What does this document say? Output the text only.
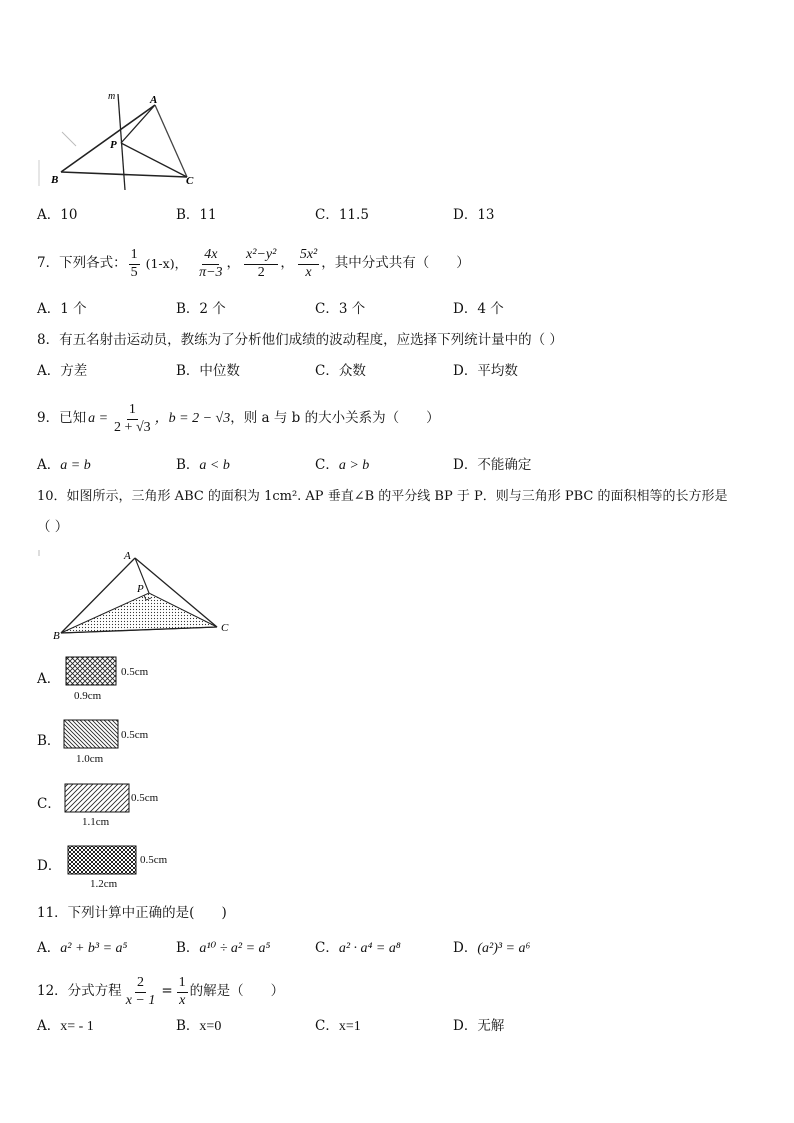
m	A
P
B	C
A．10	B．11	C．11.5	D．13
7．下列各式： $\frac{1}{5} (1-x)$， $\frac{4x}{\pi-3}$ ， $\frac{\text{x²−y²}}{2}$ ， $\frac{\text{5x²}}{x}$ ，其中分式共有（　　）
A．1 个	B．2 个	C．3 个	D．4 个
8．有五名射击运动员，教练为了分析他们成绩的波动程度，应选择下列统计量中的（ ）
A．方差	B．中位数	C．众数	D．平均数
9．已知 $a = \frac{1}{2 + √3}$ ，b = 2 − √3 ，则 a 与 b 的大小关系为（　　）
A．a = b	B．a < b	C．a > b	D．不能确定
10．如图所示，三角形 ABC 的面积为 1cm². AP 垂直∠B 的平分线 BP 于 P．则与三角形 PBC 的面积相等的长方形是
（ ）
A
P
B
C
A．	0.5cm
0.9cm
B．	0.5cm
1.0cm
C．	0.5cm
1.1cm
D．	0.5cm
1.2cm
11．下列计算中正确的是(　　)
A．a² + b³ = a⁵	B．a¹⁰ ÷ a² = a⁵	C．a² · a⁴ = a⁸	D．(a²)³ = a⁶
12．分式方程 $\frac{2}{x - 1} = \frac{1}{x}$ 的解是（　　）
A．x= - 1	B．x=0	C．x=1	D．无解
